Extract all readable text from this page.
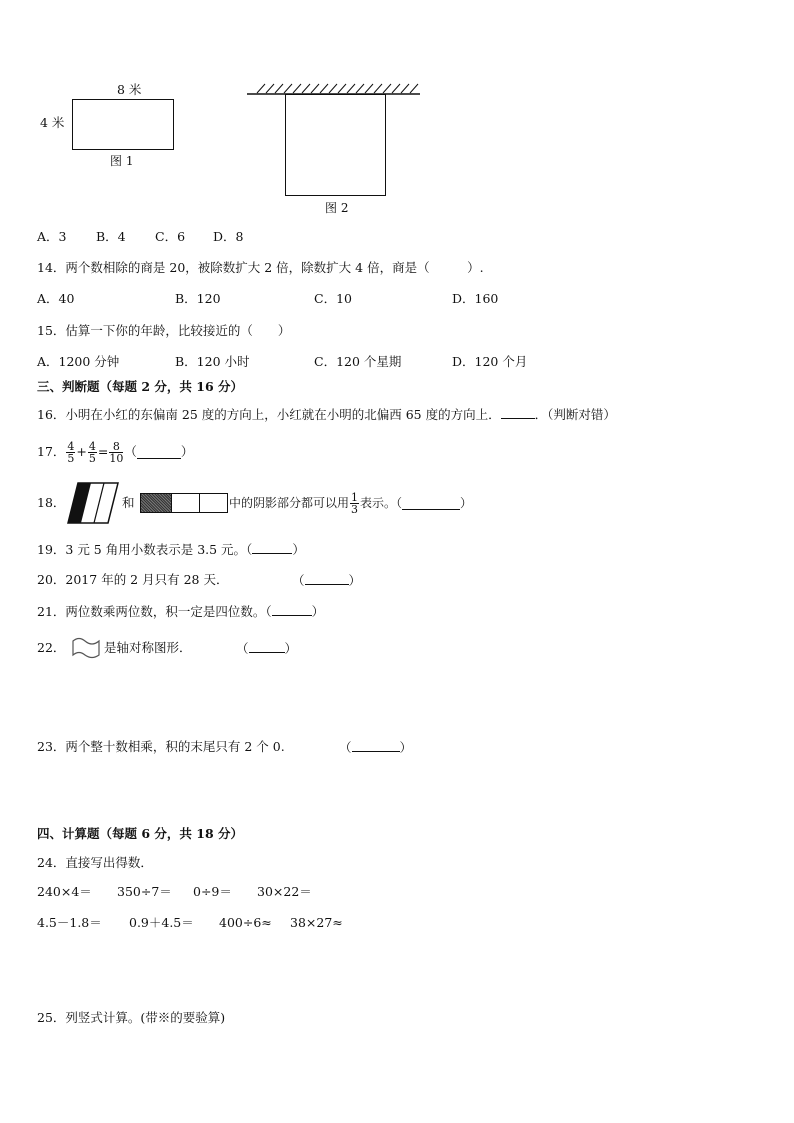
8 米
4 米
图 1
图 2
A．3 B．4 C．6 D．8
14．两个数相除的商是 20，被除数扩大 2 倍，除数扩大 4 倍，商是（　　　）.
A．40	B．120	C．10	D．160
15．估算一下你的年龄，比较接近的（　　）
A．1200 分钟	B．120 小时	C．120 个星期	D．120 个月
三、判断题（每题 2 分，共 16 分）
16．小明在小红的东偏南 25 度的方向上，小红就在小明的北偏西 65 度的方向上．	．（判断对错）
17． $\frac{4}{5} + \frac{4}{5} = \frac{8}{10}$ （	）
18．	和	中的阴影部分都可以用 $\frac{1}{3}$ 表示。（	）
19．3 元 5 角用小数表示是 3.5 元。（	）
20．2017 年的 2 月只有 28 天．	（	）
21．两位数乘两位数，积一定是四位数。（	）
22．	是轴对称图形．	（	）
23．两个整十数相乘，积的末尾只有 2 个 0.	（	）
四、计算题（每题 6 分，共 18 分）
24．直接写出得数．
240×4＝ 350÷7＝ 0÷9＝ 30×22＝
4.5－1.8＝ 0.9＋4.5＝ 400÷6≈ 38×27≈
25．列竖式计算。(带※的要验算)
